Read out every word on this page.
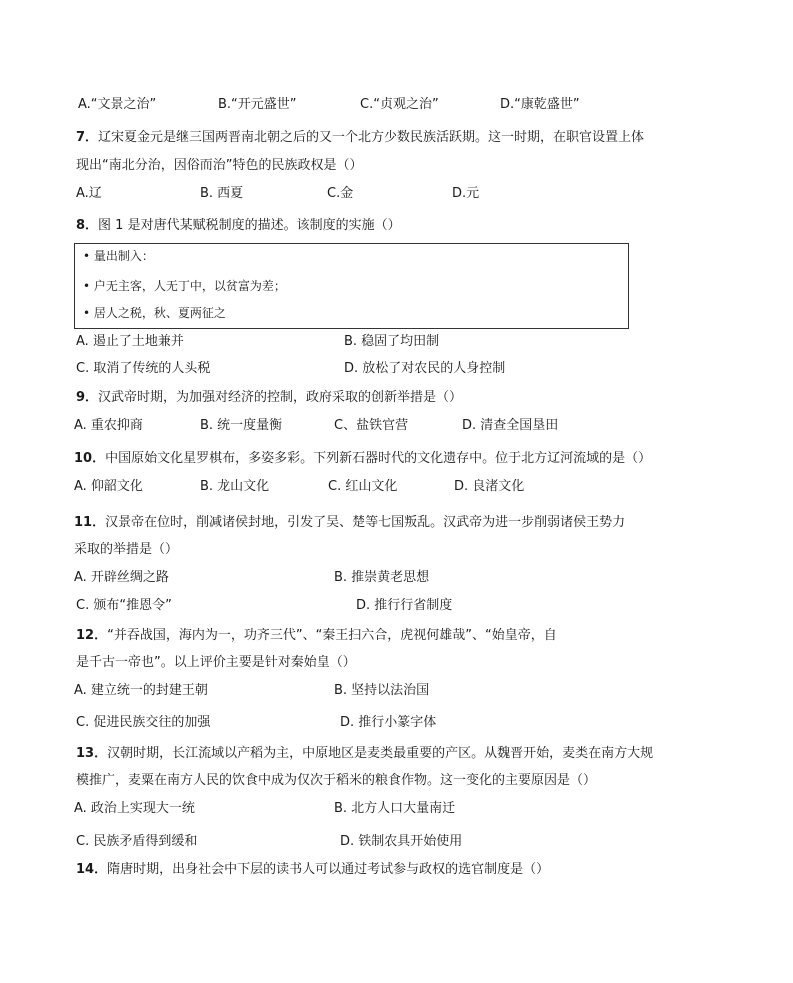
A.“文景之治”	B.“开元盛世”	C.“贞观之治”	D.“康乾盛世”
7．辽宋夏金元是继三国两晋南北朝之后的又一个北方少数民族活跃期。这一时期，在职官设置上体
现出“南北分治，因俗而治”特色的民族政权是（）
A.辽	B. 西夏	C.金	D.元
8．图 1 是对唐代某赋税制度的描述。该制度的实施（）
• 量出制入：
• 户无主客，人无丁中，以贫富为差；
• 居人之税，秋、夏两征之
A. 遏止了土地兼并	B. 稳固了均田制
C. 取消了传统的人头税	D. 放松了对农民的人身控制
9．汉武帝时期，为加强对经济的控制，政府采取的创新举措是（）
A. 重农抑商	B. 统一度量衡	C、盐铁官营	D. 清查全国垦田
10．中国原始文化星罗棋布，多姿多彩。下列新石器时代的文化遗存中。位于北方辽河流域的是（）
A. 仰韶文化	B. 龙山文化	C. 红山文化	D. 良渚文化
11．汉景帝在位时，削减诸侯封地，引发了吴、楚等七国叛乱。汉武帝为进一步削弱诸侯王势力
采取的举措是（）
A. 开辟丝绸之路	B. 推崇黄老思想
C. 颁布“推恩令”	D. 推行行省制度
12．“并吞战国，海内为一，功齐三代”、“秦王扫六合，虎视何雄哉”、“始皇帝，自
是千古一帝也”。以上评价主要是针对秦始皇（）
A. 建立统一的封建王朝	B. 坚持以法治国
C. 促进民族交往的加强	D. 推行小篆字体
13．汉朝时期，长江流域以产稻为主，中原地区是麦类最重要的产区。从魏晋开始，麦类在南方大规
模推广，麦粟在南方人民的饮食中成为仅次于稻米的粮食作物。这一变化的主要原因是（）
A. 政治上实现大一统	B. 北方人口大量南迁
C. 民族矛盾得到缓和	D. 铁制农具开始使用
14．隋唐时期，出身社会中下层的读书人可以通过考试参与政权的选官制度是（）
